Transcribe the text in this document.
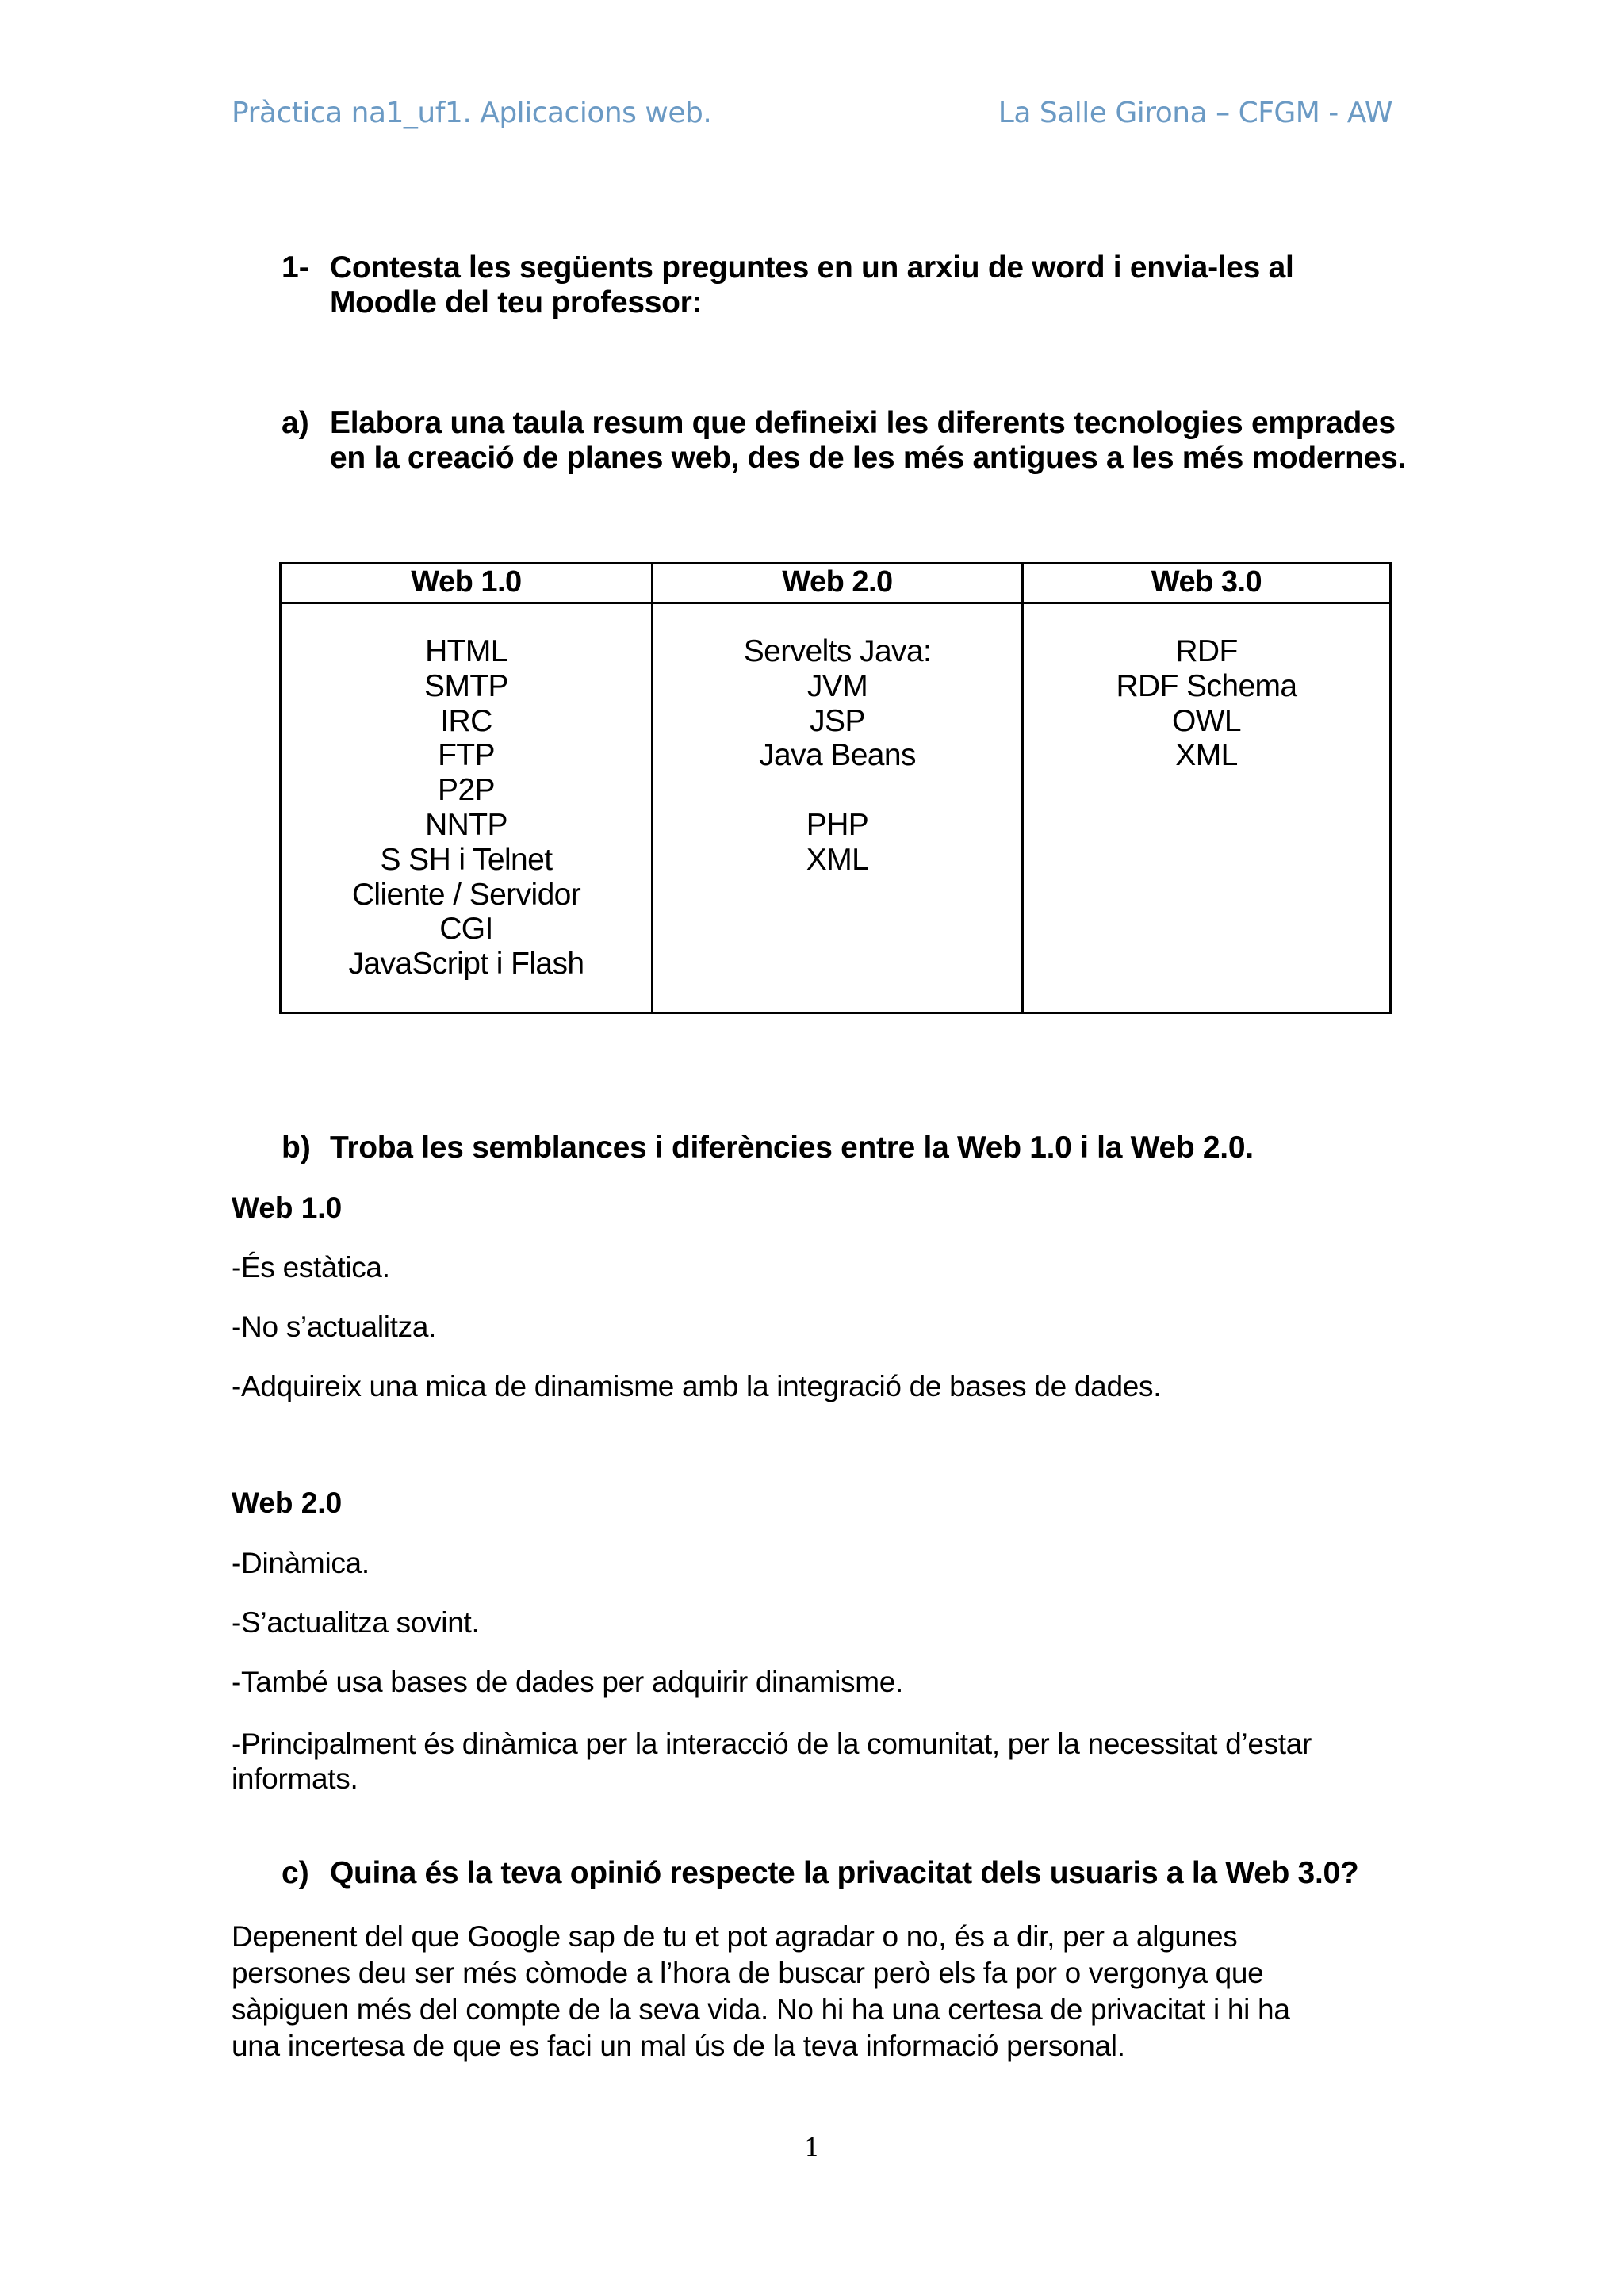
Pràctica na1_uf1. Aplicacions web.	La Salle Girona – CFGM - AW
1- Contesta les següents preguntes en un arxiu de word i envia-les al
Moodle del teu professor:
a) Elabora una taula resum que defineixi les diferents tecnologies emprades
en la creació de planes web, des de les més antigues a les més modernes.
Web 1.0
HTML
SMTP
IRC
FTP
P2P
NNTP
S SH i Telnet
Cliente / Servidor
CGI
JavaScript i Flash
Web 2.0
Servelts Java:
JVM
JSP
Java Beans
PHP
XML
Web 3.0
RDF
RDF Schema
OWL
XML
b) Troba les semblances i diferències entre la Web 1.0 i la Web 2.0.
Web 1.0
-És estàtica.
-No s’actualitza.
-Adquireix una mica de dinamisme amb la integració de bases de dades.
Web 2.0
-Dinàmica.
-S’actualitza sovint.
-També usa bases de dades per adquirir dinamisme.
-Principalment és dinàmica per la interacció de la comunitat, per la necessitat d’estar
informats.
c) Quina és la teva opinió respecte la privacitat dels usuaris a la Web 3.0?
Depenent del que Google sap de tu et pot agradar o no, és a dir, per a algunes
persones deu ser més còmode a l’hora de buscar però els fa por o vergonya que
sàpiguen més del compte de la seva vida. No hi ha una certesa de privacitat i hi ha
una incertesa de que es faci un mal ús de la teva informació personal.
1
